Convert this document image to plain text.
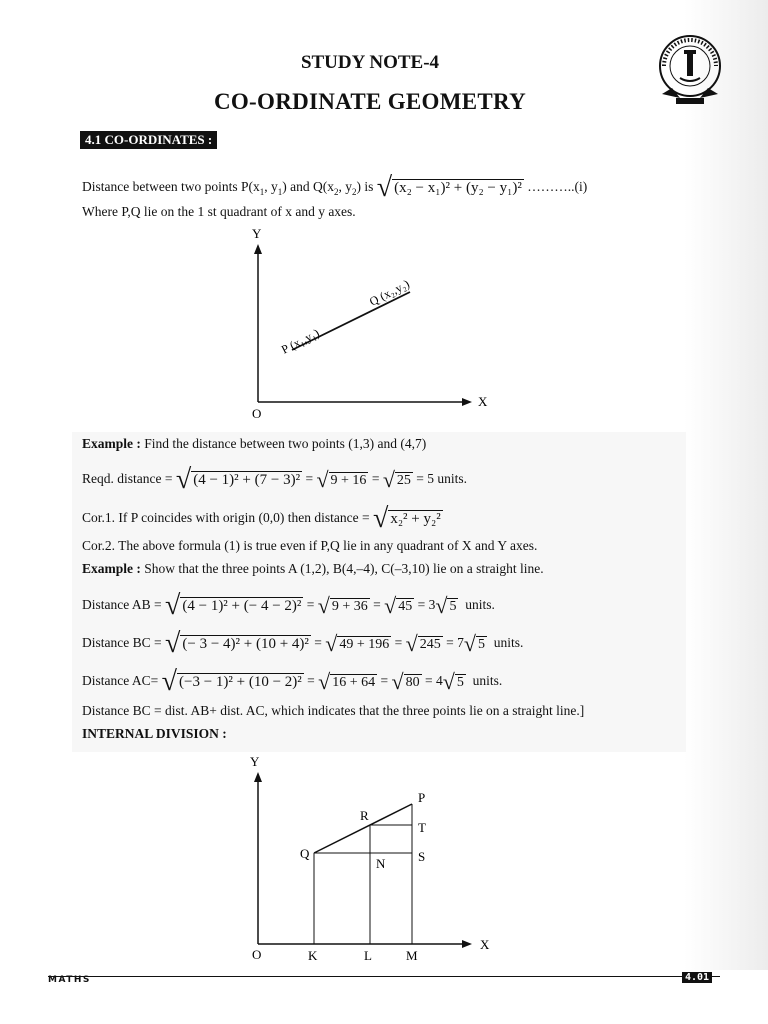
STUDY NOTE-4
CO-ORDINATE GEOMETRY
4.1 CO-ORDINATES :
Distance between two points $P(x_1$, $y_1$) and $Q(x_2$, $y_2$) is √ (x₂ − x₁)² + (y₂ − y₁)² ………..(i)
Where P,Q lie on the 1 st quadrant of x and y axes.
Y
X
O
P (x₁,y₁)
Q (x₂,y₂)
Example : Find the distance between two points (1,3) and (4,7)
Reqd. distance = √ (4 − 1)² + (7 − 3)² = √ 9 + 16 = √ 25 = 5 units.
Cor.1. If P coincides with origin (0,0) then distance = √ x₂² + y₂²
Cor.2. The above formula (1) is true even if P,Q lie in any quadrant of X and Y axes.
Example : Show that the three points A (1,2), B(4,–4), C(–3,10) lie on a straight line.
Distance AB = √ (4 − 1)² + (− 4 − 2)² = √ 9 + 36 = √ 45 = 3√ 5 units.
Distance BC = √ (− 3 − 4)² + (10 + 4)² = √ 49 + 196 = √ 245 = 7√ 5 units.
Distance AC= √ (−3 − 1)² + (10 − 2)² = √ 16 + 64 = √ 80 = 4√ 5 units.
Distance BC = dist. AB+ dist. AC, which indicates that the three points lie on a straight line.]
INTERNAL DIVISION :
Y
X
O
P
Q
R
T
S
N
K	L	M
MATHS	4.01
